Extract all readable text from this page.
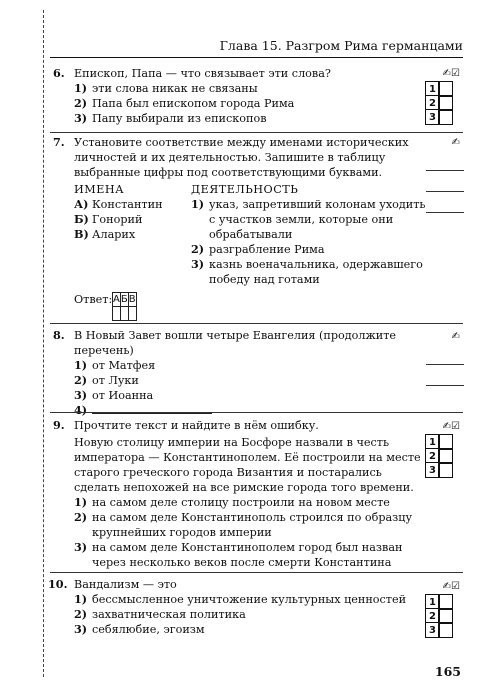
Глава 15. Разгром Рима германцами
6. Епископ, Папа — что связывает эти слова?
1) эти слова никак не связаны
2) Папа был епископом города Рима
3) Папу выбирали из епископов
✍☑
1
2
3
7. Установите соответствие между именами исторических личностей и их деятельностью. Запишите в таблицу выбранные цифры под соответствующими буквами.
ИМЕНА
А) Константин
Б) Гонорий
В) Аларих
ДЕЯТЕЛЬНОСТЬ
1) указ, запретивший колонам уходить с участков земли, которые они обрабатывали
2) разграбление Рима
3) казнь военачальника, одержавшего победу над готами
Ответ: А	Б	В

✍
8. В Новый Завет вошли четыре Евангелия (продолжите перечень)
1) от Матфея
2) от Луки
3) от Иоанна
4)
✍
9. Прочтите текст и найдите в нём ошибку.
Новую столицу империи на Босфоре назвали в честь императора — Константинополем. Её построили на месте старого греческого города Византия и постарались сделать непохожей на все римские города того времени.
1) на самом деле столицу построили на новом месте
2) на самом деле Константинополь строился по образцу крупнейших городов империи
3) на самом деле Константинополем город был назван через несколько веков после смерти Константина
✍☑
1
2
3
10. Вандализм — это
1) бессмысленное уничтожение культурных ценностей
2) захватническая политика
3) себялюбие, эгоизм
✍☑
1
2
3
165
